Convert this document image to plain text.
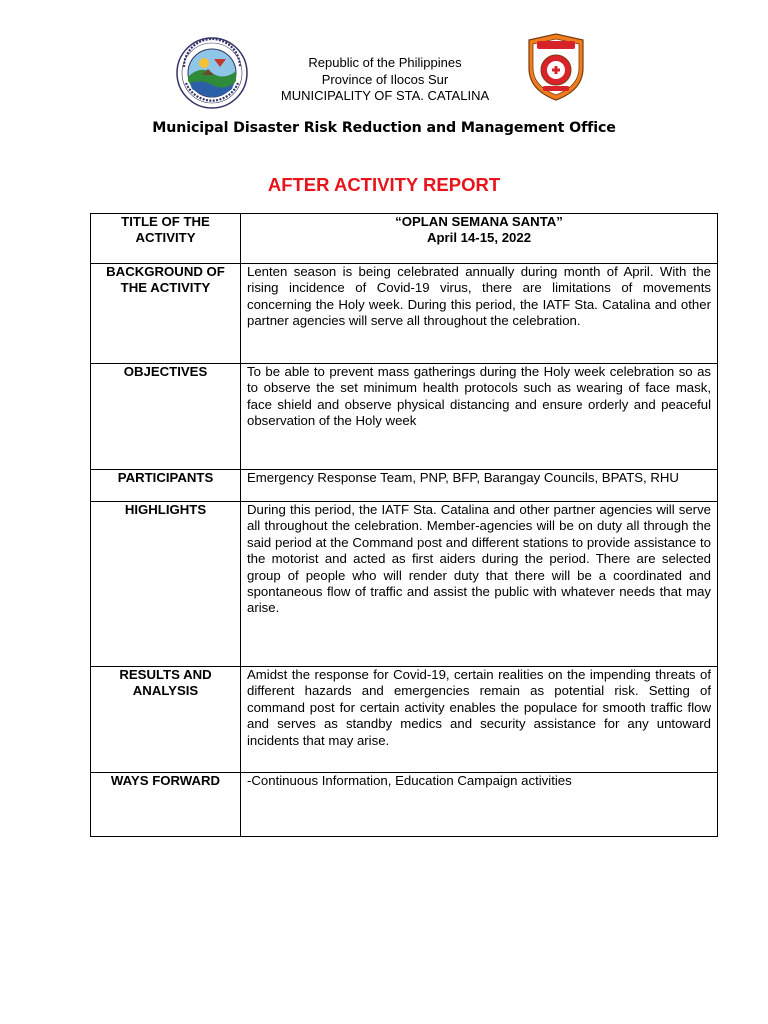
Republic of the Philippines
Province of Ilocos Sur
MUNICIPALITY OF STA. CATALINA
Municipal Disaster Risk Reduction and Management Office
AFTER ACTIVITY REPORT
TITLE OF THE ACTIVITY	“OPLAN SEMANA SANTA”
April 14-15, 2022

BACKGROUND OF THE ACTIVITY	Lenten season is being celebrated annually during month of April. With the rising incidence of Covid-19 virus, there are limitations of movements concerning the Holy week. During this period, the IATF Sta. Catalina and other partner agencies will serve all throughout the celebration.
OBJECTIVES	To be able to prevent mass gatherings during the Holy week celebration so as to observe the set minimum health protocols such as wearing of face mask, face shield and observe physical distancing and ensure orderly and peaceful observation of the Holy week
PARTICIPANTS	Emergency Response Team, PNP, BFP, Barangay Councils, BPATS, RHU
HIGHLIGHTS	During this period, the IATF Sta. Catalina and other partner agencies will serve all throughout the celebration. Member-agencies will be on duty all through the said period at the Command post and different stations to provide assistance to the motorist and acted as first aiders during the period. There are selected group of people who will render duty that there will be a coordinated and spontaneous flow of traffic and assist the public with whatever needs that may arise.
RESULTS AND ANALYSIS	Amidst the response for Covid-19, certain realities on the impending threats of different hazards and emergencies remain as potential risk. Setting of command post for certain activity enables the populace for smooth traffic flow and serves as standby medics and security assistance for any untoward incidents that may arise.
WAYS FORWARD	-Continuous Information, Education Campaign activities
